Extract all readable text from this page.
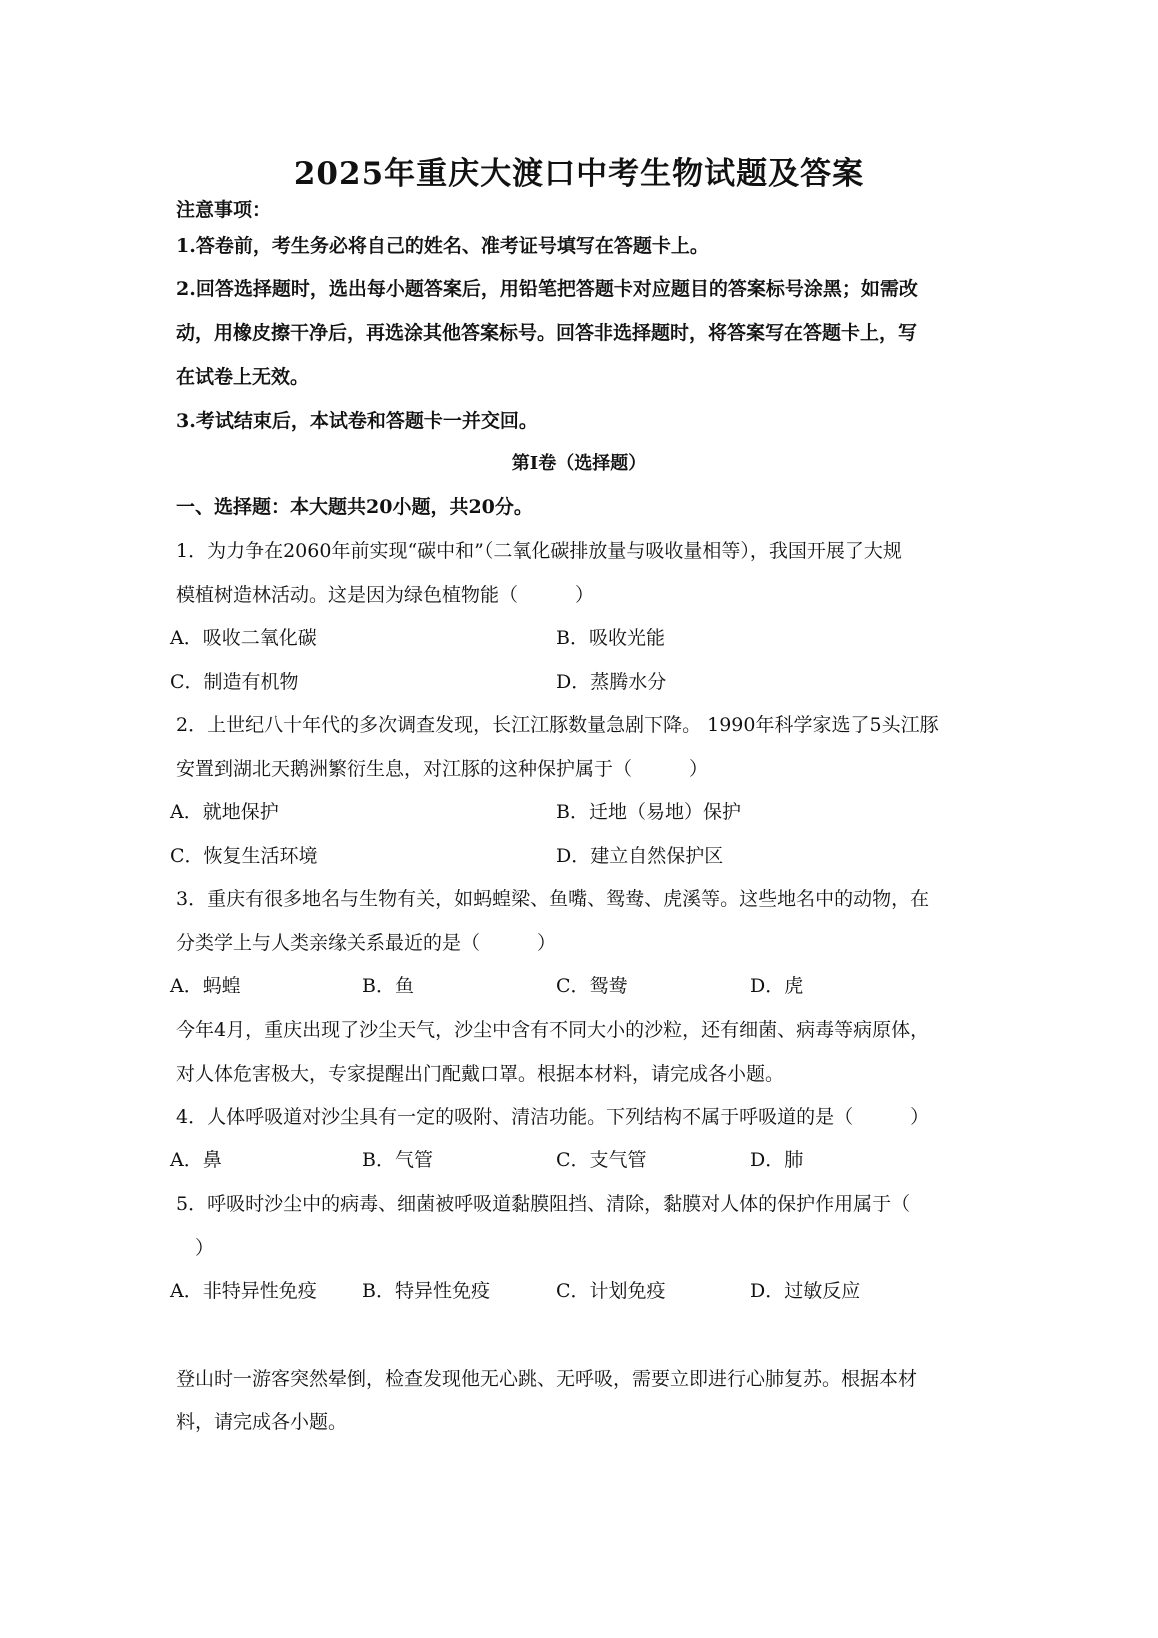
2025年重庆大渡口中考生物试题及答案
注意事项：
1.答卷前，考生务必将自己的姓名、准考证号填写在答题卡上。
2.回答选择题时，选出每小题答案后，用铅笔把答题卡对应题目的答案标号涂黑；如需改
动，用橡皮擦干净后，再选涂其他答案标号。回答非选择题时，将答案写在答题卡上，写
在试卷上无效。
3.考试结束后，本试卷和答题卡一并交回。
第Ⅰ卷（选择题）
一、选择题：本大题共20小题，共20分。
1．为力争在2060年前实现“碳中和”（二氧化碳排放量与吸收量相等），我国开展了大规
模植树造林活动。这是因为绿色植物能（　　　）
A．吸收二氧化碳	B．吸收光能
C．制造有机物	D．蒸腾水分
2．上世纪八十年代的多次调查发现，长江江豚数量急剧下降。 1990年科学家选了5头江豚
安置到湖北天鹅洲繁衍生息，对江豚的这种保护属于（　　　）
A．就地保护	B．迁地（易地）保护
C．恢复生活环境	D．建立自然保护区
3．重庆有很多地名与生物有关，如蚂蝗梁、鱼嘴、鸳鸯、虎溪等。这些地名中的动物，在
分类学上与人类亲缘关系最近的是（　　　）
A．蚂蝗	B．鱼	C．鸳鸯	D．虎
今年4月，重庆出现了沙尘天气，沙尘中含有不同大小的沙粒，还有细菌、病毒等病原体，
对人体危害极大，专家提醒出门配戴口罩。根据本材料，请完成各小题。
4．人体呼吸道对沙尘具有一定的吸附、清洁功能。下列结构不属于呼吸道的是（　　　）
A．鼻	B．气管	C．支气管	D．肺
5．呼吸时沙尘中的病毒、细菌被呼吸道黏膜阻挡、清除，黏膜对人体的保护作用属于（
　）
A．非特异性免疫 B．特异性免疫	C．计划免疫	D．过敏反应
登山时一游客突然晕倒，检查发现他无心跳、无呼吸，需要立即进行心肺复苏。根据本材
料，请完成各小题。
